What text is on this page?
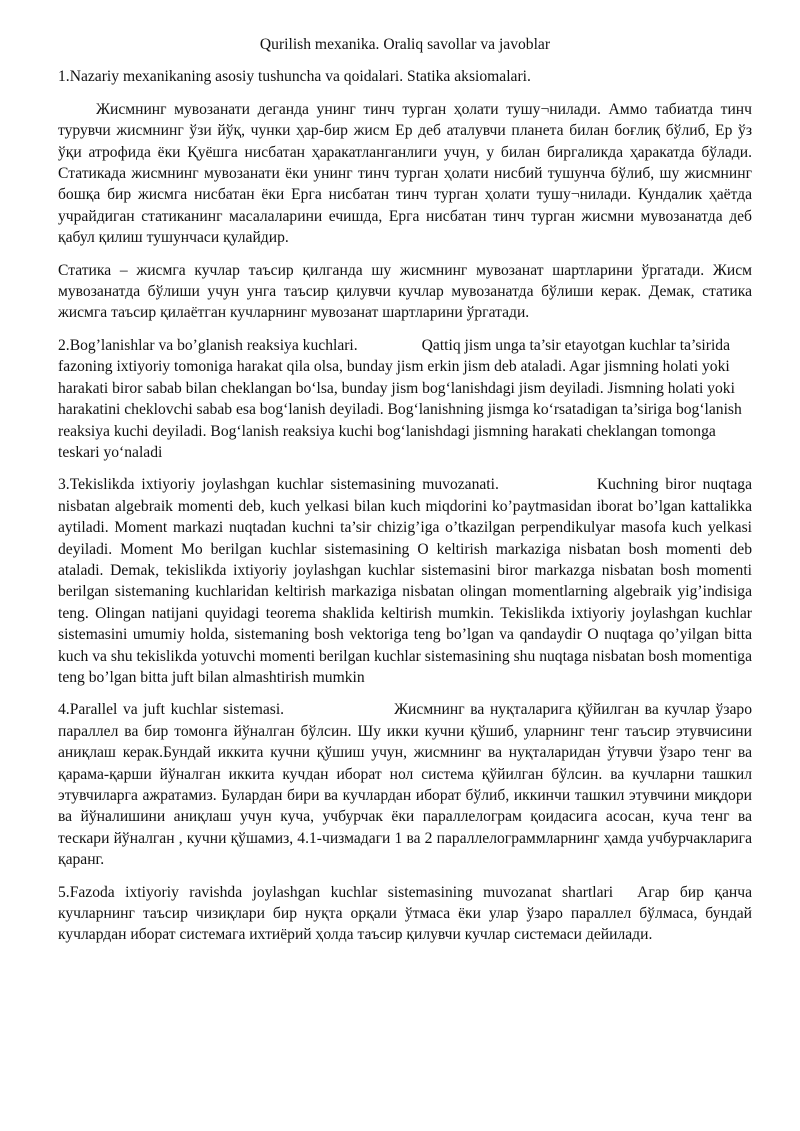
Qurilish mexanika. Oraliq savollar va javoblar
1.Nazariy mexanikaning asosiy tushuncha va qoidalari. Statika aksiomalari.
Жисмнинг мувозанати деганда унинг тинч турган ҳолати тушу¬нилади. Аммо табиатда тинч турувчи жисмнинг ўзи йўқ, чунки ҳар-бир жисм Ер деб аталувчи планета билан боғлиқ бўлиб, Ер ўз ўқи атрофида ёки Қуёшга нисбатан ҳаракатланганлиги учун, у билан биргаликда ҳаракатда бўлади. Статикада жисмнинг мувозанати ёки унинг тинч турган ҳолати нисбий тушунча бўлиб, шу жисмнинг бошқа бир жисмга нисбатан ёки Ерга нисбатан тинч турган ҳолати тушу¬нилади. Кундалик ҳаётда учрайдиган статиканинг масалаларини ечишда, Ерга нисбатан тинч турган жисмни мувозанатда деб қабул қилиш тушунчаси қулайдир.
Статика – жисмга кучлар таъсир қилганда шу жисмнинг мувозанат шартларини ўргатади. Жисм мувозанатда бўлиши учун унга таъсир қилувчи кучлар мувозанатда бўлиши керак. Демак, статика жисмга таъсир қилаётган кучларнинг мувозанат шартларини ўргатади.
2.Bog’lanishlar va bo’glanish reaksiya kuchlari.	Qattiq jism unga ta’sir etayotgan kuchlar ta’sirida fazoning ixtiyoriy tomoniga harakat qila olsa, bunday jism erkin jism deb ataladi. Agar jismning holati yoki harakati biror sabab bilan cheklangan bo‘lsa, bunday jism bog‘lanishdagi jism deyiladi. Jismning holati yoki harakatini cheklovchi sabab esa bog‘lanish deyiladi. Bog‘lanishning jismga ko‘rsatadigan ta’siriga bog‘lanish reaksiya kuchi deyiladi. Bog‘lanish reaksiya kuchi bog‘lanishdagi jismning harakati cheklangan tomonga teskari yo‘naladi
3.Tekislikda ixtiyoriy joylashgan kuchlar sistemasining muvozanati.	Kuchning biror nuqtaga nisbatan algebraik momenti deb, kuch yelkasi bilan kuch miqdorini ko’paytmasidan iborat bo’lgan kattalikka aytiladi. Moment markazi nuqtadan kuchni ta’sir chizig’iga o’tkazilgan perpendikulyar masofa kuch yelkasi deyiladi. Moment Mo berilgan kuchlar sistemasining O keltirish markaziga nisbatan bosh momenti deb ataladi. Demak, tekislikda ixtiyoriy joylashgan kuchlar sistemasini biror markazga nisbatan bosh momenti berilgan sistemaning kuchlaridan keltirish markaziga nisbatan olingan momentlarning algebraik yig’indisiga teng. Olingan natijani quyidagi teorema shaklida keltirish mumkin. Tekislikda ixtiyoriy joylashgan kuchlar sistemasini umumiy holda, sistemaning bosh vektoriga teng bo’lgan va qandaydir O nuqtaga qo’yilgan bitta kuch va shu tekislikda yotuvchi momenti berilgan kuchlar sistemasining shu nuqtaga nisbatan bosh momentiga teng bo’lgan bitta juft bilan almashtirish mumkin
4.Parallel va juft kuchlar sistemasi.	Жисмнинг ва нуқталарига қўйилган ва кучлар ўзаро параллел ва бир томонга йўналган бўлсин. Шу икки кучни қўшиб, уларнинг тенг таъсир этувчисини аниқлаш керак.Бундай иккита кучни қўшиш учун, жисмнинг ва нуқталаридан ўтувчи ўзаро тенг ва қарама-қарши йўналган иккита кучдан иборат нол система қўйилган бўлсин. ва кучларни ташкил этувчиларга ажратамиз. Булардан бири ва кучлардан иборат бўлиб, иккинчи ташкил этувчини миқдори ва йўналишини аниқлаш учун куча, учбурчак ёки параллелограм қоидасига асосан, куча тенг ва тескари йўналган , кучни қўшамиз, 4.1-чизмадаги 1 ва 2 параллелограммларнинг ҳамда учбурчакларига қаранг.
5.Fazoda ixtiyoriy ravishda joylashgan kuchlar sistemasining muvozanat shartlari Агар бир қанча кучларнинг таъсир чизиқлари бир нуқта орқали ўтмаса ёки улар ўзаро параллел бўлмаса, бундай кучлардан иборат системага ихтиёрий ҳолда таъсир қилувчи кучлар системаси дейилади.
